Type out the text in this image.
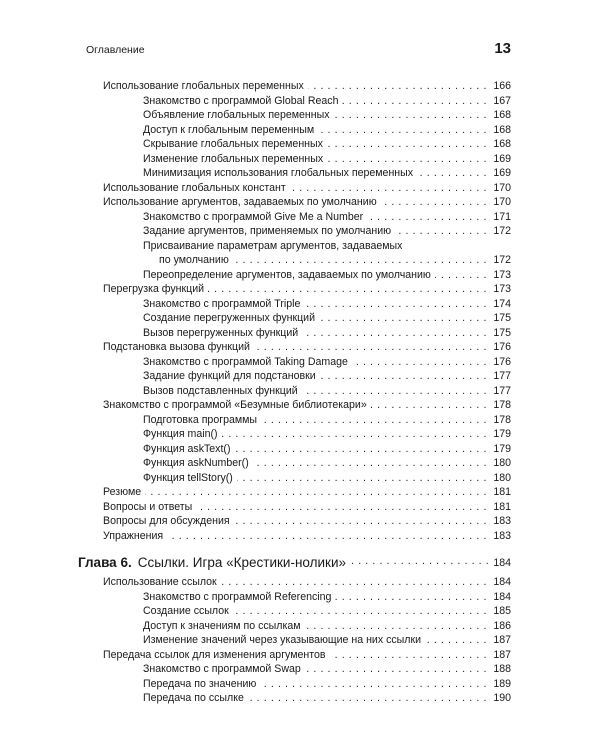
Оглавление	13
Использование глобальных переменных . . .	166
Знакомство с программой Global Reach . . .	167
Объявление глобальных переменных . . .	168
Доступ к глобальным переменным . . .	168
Скрывание глобальных переменных . . .	168
Изменение глобальных переменных . . .	169
Минимизация использования глобальных переменных . . .	169
Использование глобальных констант . . .	170
Использование аргументов, задаваемых по умолчанию . . .	170
Знакомство с программой Give Me a Number . . .	171
Задание аргументов, применяемых по умолчанию . . .	172
Присваивание параметрам аргументов, задаваемых
по умолчанию . . .	172
Переопределение аргументов, задаваемых по умолчанию . . .	173
Перегрузка функций . . .	173
Знакомство с программой Triple . . .	174
Создание перегруженных функций . . .	175
Вызов перегруженных функций . . .	175
Подстановка вызова функций . . .	176
Знакомство с программой Taking Damage . . .	176
Задание функций для подстановки . . .	177
Вызов подставленных функций . . .	177
Знакомство с программой «Безумные библиотекари» . . .	178
Подготовка программы . . .	178
Функция main() . . .	179
Функция askText() . . .	179
Функция askNumber() . . .	180
Функция tellStory() . . .	180
Резюме . . .	181
Вопросы и ответы . . .	181
Вопросы для обсуждения . . .	183
Упражнения . . .	183
Глава 6. Ссылки. Игра «Крестики-нолики» . . .	184
Использование ссылок . . .	184
Знакомство с программой Referencing . . .	184
Создание ссылок . . .	185
Доступ к значениям по ссылкам . . .	186
Изменение значений через указывающие на них ссылки . . .	187
Передача ссылок для изменения аргументов . . .	187
Знакомство с программой Swap . . .	188
Передача по значению . . .	189
Передача по ссылке . . .	190
